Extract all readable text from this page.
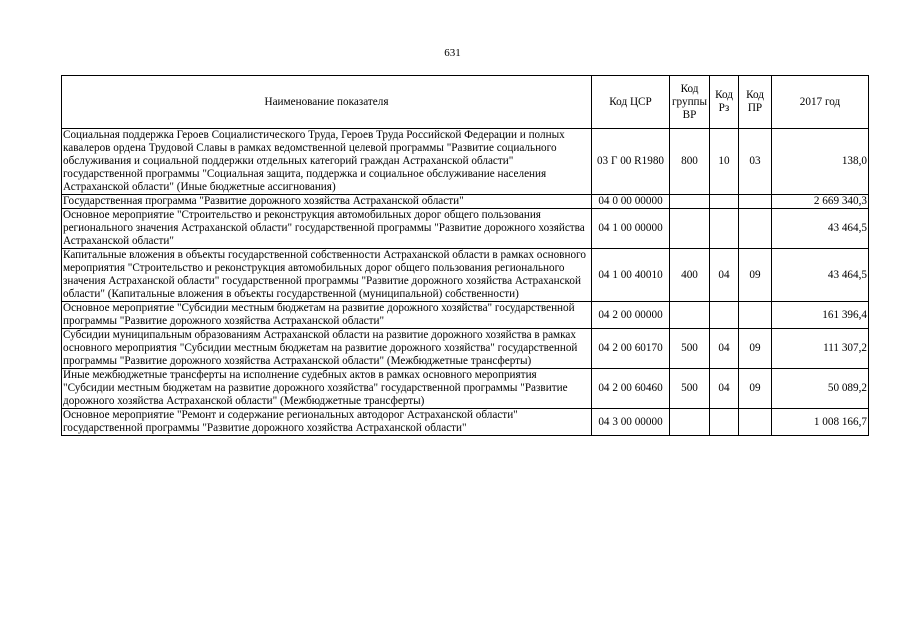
631
Наименование показателя	Код ЦСР	Код группы ВР	Код Рз	Код ПР	2017 год
Социальная поддержка Героев Социалистического Труда, Героев Труда Российской Федерации и полных кавалеров ордена Трудовой Славы в рамках ведомственной целевой программы "Развитие социального обслуживания и социальной поддержки отдельных категорий граждан Астраханской области" государственной программы "Социальная защита, поддержка и социальное обслуживание населения Астраханской области" (Иные бюджетные ассигнования)	03 Г 00 R1980	800	10	03	138,0
Государственная программа "Развитие дорожного хозяйства Астраханской области"	04 0 00 00000				2 669 340,3
Основное мероприятие "Строительство и реконструкция автомобильных дорог общего пользования регионального значения Астраханской области" государственной программы "Развитие дорожного хозяйства Астраханской области"	04 1 00 00000				43 464,5
Капитальные вложения в объекты государственной собственности Астраханской области в рамках основного мероприятия "Строительство и реконструкция автомобильных дорог общего пользования регионального значения Астраханской области" государственной программы "Развитие дорожного хозяйства Астраханской области" (Капитальные вложения в объекты государственной (муниципальной) собственности)	04 1 00 40010	400	04	09	43 464,5
Основное мероприятие "Субсидии местным бюджетам на развитие дорожного хозяйства" государственной программы "Развитие дорожного хозяйства Астраханской области"	04 2 00 00000				161 396,4
Субсидии муниципальным образованиям Астраханской области на развитие дорожного хозяйства в рамках основного мероприятия "Субсидии местным бюджетам на развитие дорожного хозяйства" государственной программы "Развитие дорожного хозяйства Астраханской области" (Межбюджетные трансферты)	04 2 00 60170	500	04	09	111 307,2
Иные межбюджетные трансферты на исполнение судебных актов в рамках основного мероприятия "Субсидии местным бюджетам на развитие дорожного хозяйства" государственной программы "Развитие дорожного хозяйства Астраханской области" (Межбюджетные трансферты)	04 2 00 60460	500	04	09	50 089,2
Основное мероприятие "Ремонт и содержание региональных автодорог Астраханской области" государственной программы "Развитие дорожного хозяйства Астраханской области"	04 3 00 00000				1 008 166,7
